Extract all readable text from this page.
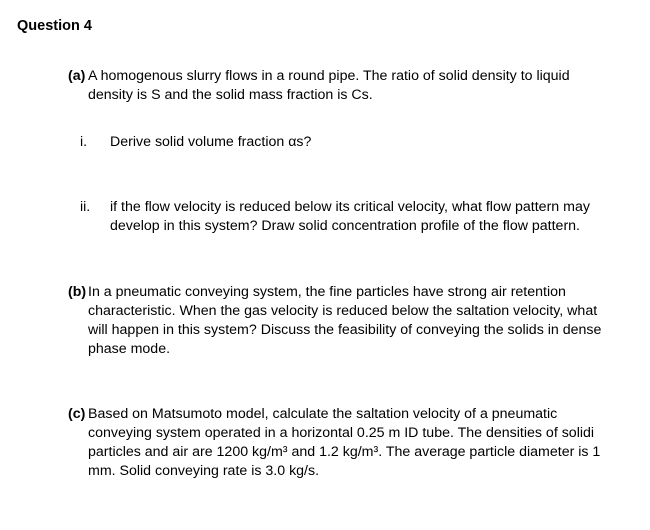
Question 4
(a) A homogenous slurry flows in a round pipe. The ratio of solid density to liquid
density is S and the solid mass fraction is Cs.
i.	Derive solid volume fraction αs?
ii.	if the flow velocity is reduced below its critical velocity, what flow pattern may
develop in this system? Draw solid concentration profile of the flow pattern.
(b) In a pneumatic conveying system, the fine particles have strong air retention
characteristic. When the gas velocity is reduced below the saltation velocity, what
will happen in this system? Discuss the feasibility of conveying the solids in dense
phase mode.
(c) Based on Matsumoto model, calculate the saltation velocity of a pneumatic
conveying system operated in a horizontal 0.25 m ID tube. The densities of solidi
particles and air are 1200 kg/m³ and 1.2 kg/m³. The average particle diameter is 1
mm. Solid conveying rate is 3.0 kg/s.
